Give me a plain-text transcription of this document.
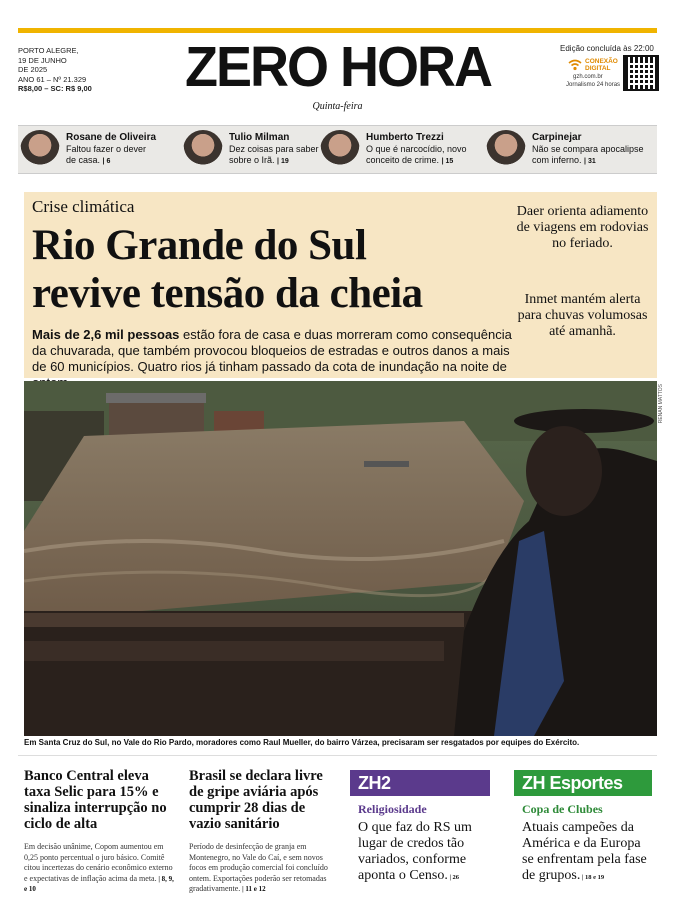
PORTO ALEGRE,
19 DE JUNHO
DE 2025
ANO 61 – Nº 21.329
R$8,00 – SC: R$ 9,00 ZERO HORA
Quinta-feira
Edição concluída às 22:00
CONEXÃO
DIGITAL
gzh.com.br
Jornalismo 24 horas
Rosane de Oliveira
Faltou fazer o dever de casa. | 6
Tulio Milman
Dez coisas para saber sobre o Irã. | 19
Humberto Trezzi
O que é narcocídio, novo conceito de crime. | 15
Carpinejar
Não se compara apocalipse com inferno. | 31
Crise climática
Rio Grande do Sul
revive tensão da cheia
Mais de 2,6 mil pessoas estão fora de casa e duas morreram como consequência da chuvarada, que também provocou bloqueios de estradas e outros danos a mais de 60 municípios. Quatro rios já tinham passado da cota de inundação na noite de
Daer orienta adiamento de viagens em rodovias no feriado.
Inmet mantém alerta para chuvas volumosas até amanhã.
RENAN MATTOS
Em Santa Cruz do Sul, no Vale do Rio Pardo, moradores como Raul Mueller, do bairro Várzea, precisaram ser resgatados por equipes do Exército.
Banco Central eleva taxa Selic para 15% e sinaliza interrupção no ciclo de alta
Em decisão unânime, Copom aumentou em 0,25 ponto percentual o juro básico. Comitê citou incertezas do cenário econômico externo e expectativas de inflação acima da meta. | 8, 9, e 10
Brasil se declara livre de gripe aviária após cumprir 28 dias de vazio sanitário
Período de desinfecção de granja em Montenegro, no Vale do Caí, e sem novos focos em produção comercial foi concluído ontem. Exportações poderão ser retomadas gradativamente. | 11 e 12
ZH2
Religiosidade
O que faz do RS um lugar de credos tão variados, conforme aponta o Censo. | 26
ZH Esportes
Copa de Clubes
Atuais campeões da América e da Europa se enfrentam pela fase de grupos. | 18 e 19
